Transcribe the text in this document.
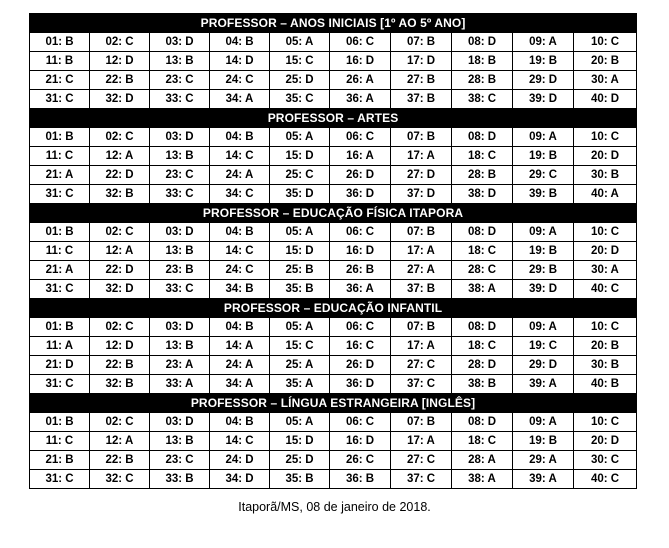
PROFESSOR – ANOS INICIAIS [1º AO 5º ANO]									
01: B	02: C	03: D	04: B	05: A	06: C	07: B	08: D	09: A	10: C
11: B	12: D	13: B	14: D	15: C	16: D	17: D	18: B	19: B	20: B
21: C	22: B	23: C	24: C	25: D	26: A	27: B	28: B	29: D	30: A
31: C	32: D	33: C	34: A	35: C	36: A	37: B	38: C	39: D	40: D
PROFESSOR – ARTES									
01: B	02: C	03: D	04: B	05: A	06: C	07: B	08: D	09: A	10: C
11: C	12: A	13: B	14: C	15: D	16: A	17: A	18: C	19: B	20: D
21: A	22: D	23: C	24: A	25: C	26: D	27: D	28: B	29: C	30: B
31: C	32: B	33: C	34: C	35: D	36: D	37: D	38: D	39: B	40: A
PROFESSOR – EDUCAÇÃO FÍSICA ITAPORA									
01: B	02: C	03: D	04: B	05: A	06: C	07: B	08: D	09: A	10: C
11: C	12: A	13: B	14: C	15: D	16: D	17: A	18: C	19: B	20: D
21: A	22: D	23: B	24: C	25: B	26: B	27: A	28: C	29: B	30: A
31: C	32: D	33: C	34: B	35: B	36: A	37: B	38: A	39: D	40: C
PROFESSOR – EDUCAÇÃO INFANTIL									
01: B	02: C	03: D	04: B	05: A	06: C	07: B	08: D	09: A	10: C
11: A	12: D	13: B	14: A	15: C	16: C	17: A	18: C	19: C	20: B
21: D	22: B	23: A	24: A	25: A	26: D	27: C	28: D	29: D	30: B
31: C	32: B	33: A	34: A	35: A	36: D	37: C	38: B	39: A	40: B
PROFESSOR – LÍNGUA ESTRANGEIRA [INGLÊS]									
01: B	02: C	03: D	04: B	05: A	06: C	07: B	08: D	09: A	10: C
11: C	12: A	13: B	14: C	15: D	16: D	17: A	18: C	19: B	20: D
21: B	22: B	23: C	24: D	25: D	26: C	27: C	28: A	29: A	30: C
31: C	32: C	33: B	34: D	35: B	36: B	37: C	38: A	39: A	40: C
Itaporã/MS, 08 de janeiro de 2018.
